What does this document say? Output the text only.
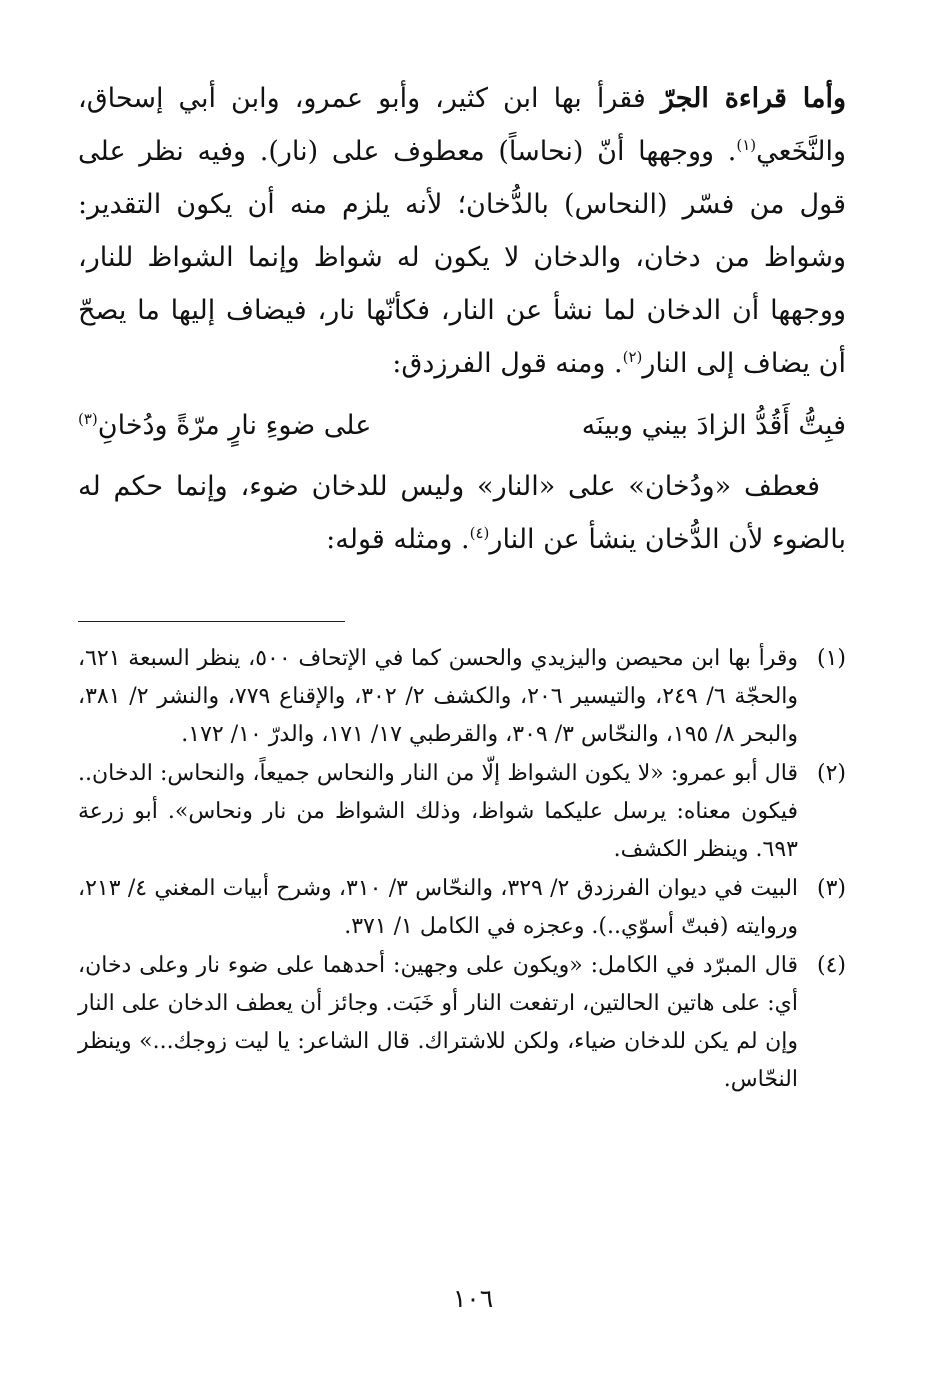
وأما قراءة الجرّ فقرأ بها ابن كثير، وأبو عمرو، وابن أبي إسحاق، والنَّخَعي$^{(١)}$. ووجهها أنّ (نحاساً) معطوف على (نار). وفيه نظر على قول من فسّر (النحاس) بالدُّخان؛ لأنه يلزم منه أن يكون التقدير: وشواظ من دخان، والدخان لا يكون له شواظ وإنما الشواظ للنار، ووجهها أن الدخان لما نشأ عن النار، فكأنّها نار، فيضاف إليها ما يصحّ أن يضاف إلى النار$^{(٢)}$. ومنه قول الفرزدق:

فبِتُّ أَقُدُّ الزادَ بيني وبينَه
على ضوءِ نارٍ مرّةً ودُخانِ$^{(٣)}$

فعطف «ودُخان» على «النار» وليس للدخان ضوء، وإنما حكم له بالضوء لأن الدُّخان ينشأ عن النار$^{(٤)}$. ومثله قوله:

(١)
وقرأ بها ابن محيصن واليزيدي والحسن كما في الإتحاف ٥٠٠، ينظر السبعة ٦٢١، والحجّة ٦/ ٢٤٩، والتيسير ٢٠٦، والكشف ٢/ ٣٠٢، والإقناع ٧٧٩، والنشر ٢/ ٣٨١، والبحر ٨/ ١٩٥، والنحّاس ٣/ ٣٠٩، والقرطبي ١٧/ ١٧١، والدرّ ١٠/ ١٧٢.
(٢)
قال أبو عمرو: «لا يكون الشواظ إلّا من النار والنحاس جميعاً، والنحاس: الدخان.. فيكون معناه: يرسل عليكما شواظ، وذلك الشواظ من نار ونحاس». أبو زرعة ٦٩٣. وينظر الكشف.
(٣)
البيت في ديوان الفرزدق ٢/ ٣٢٩، والنحّاس ٣/ ٣١٠، وشرح أبيات المغني ٤/ ٢١٣، وروايته (فبتّ أسوّي..). وعجزه في الكامل ١/ ٣٧١.
(٤)
قال المبرّد في الكامل: «ويكون على وجهين: أحدهما على ضوء نار وعلى دخان، أي: على هاتين الحالتين، ارتفعت النار أو خَبَت. وجائز أن يعطف الدخان على النار وإن لم يكن للدخان ضياء، ولكن للاشتراك. قال الشاعر: يا ليت زوجك...» وينظر النحّاس.
١٠٦
